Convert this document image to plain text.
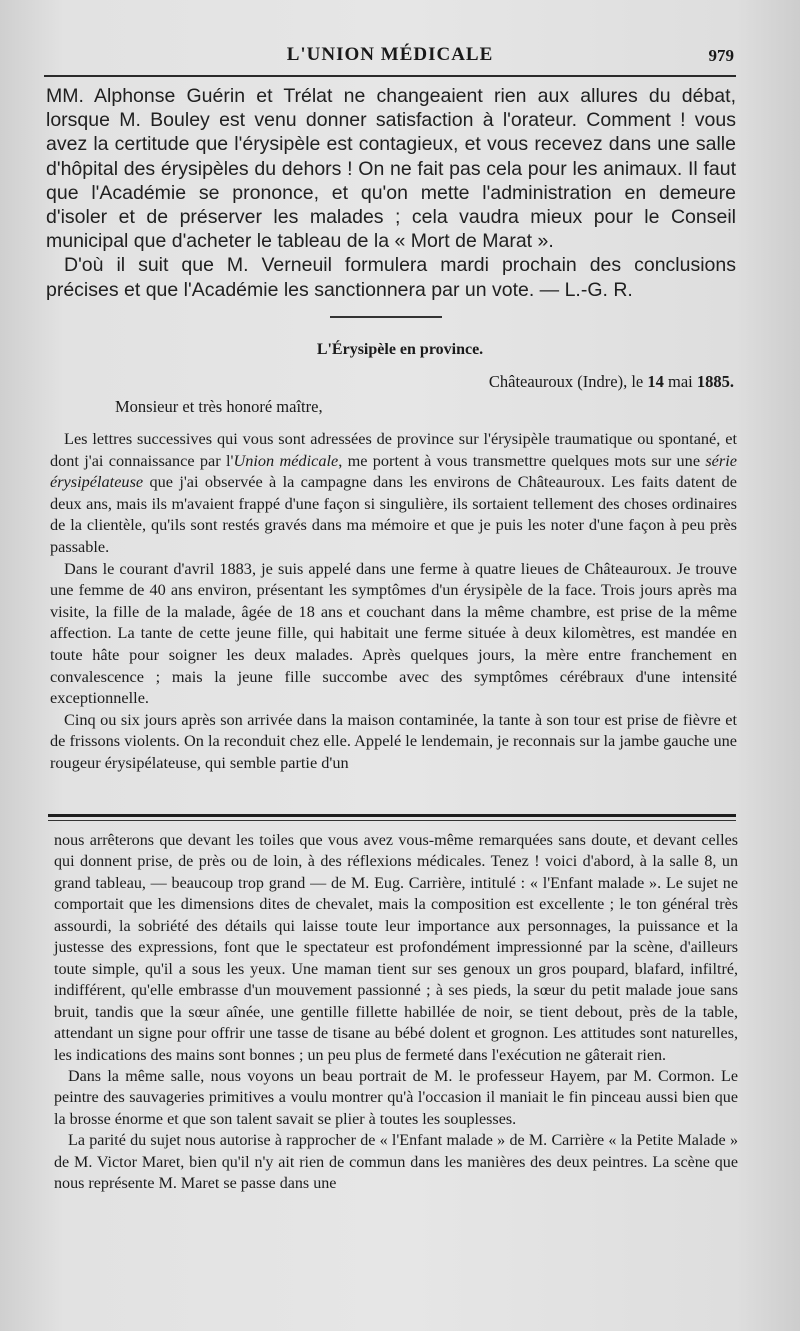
L'UNION MÉDICALE	979

MM. Alphonse Guérin et Trélat ne changeaient rien aux allures du débat, lorsque M. Bouley est venu donner satisfaction à l'orateur. Comment ! vous avez la certitude que l'érysipèle est contagieux, et vous recevez dans une salle d'hôpital des érysipèles du dehors ! On ne fait pas cela pour les animaux. Il faut que l'Académie se prononce, et qu'on mette l'administration en demeure d'isoler et de préserver les malades ; cela vaudra mieux pour le Conseil municipal que d'acheter le tableau de la « Mort de Marat ».

D'où il suit que M. Verneuil formulera mardi prochain des conclusions précises et que l'Académie les sanctionnera par un vote. — L.-G. R.

L'Érysipèle en province.
Châteauroux (Indre), le 14 mai 1885.
Monsieur et très honoré maître,

Les lettres successives qui vous sont adressées de province sur l'érysipèle traumatique ou spontané, et dont j'ai connaissance par l'Union médicale, me portent à vous transmettre quelques mots sur une série érysipélateuse que j'ai observée à la campagne dans les environs de Châteauroux. Les faits datent de deux ans, mais ils m'avaient frappé d'une façon si singulière, ils sortaient tellement des choses ordinaires de la clientèle, qu'ils sont restés gravés dans ma mémoire et que je puis les noter d'une façon à peu près passable.

Dans le courant d'avril 1883, je suis appelé dans une ferme à quatre lieues de Châteauroux. Je trouve une femme de 40 ans environ, présentant les symptômes d'un érysipèle de la face. Trois jours après ma visite, la fille de la malade, âgée de 18 ans et couchant dans la même chambre, est prise de la même affection. La tante de cette jeune fille, qui habitait une ferme située à deux kilomètres, est mandée en toute hâte pour soigner les deux malades. Après quelques jours, la mère entre franchement en convalescence ; mais la jeune fille succombe avec des symptômes cérébraux d'une intensité exceptionnelle.

Cinq ou six jours après son arrivée dans la maison contaminée, la tante à son tour est prise de fièvre et de frissons violents. On la reconduit chez elle. Appelé le lendemain, je reconnais sur la jambe gauche une rougeur érysipélateuse, qui semble partie d'un

nous arrêterons que devant les toiles que vous avez vous-même remarquées sans doute, et devant celles qui donnent prise, de près ou de loin, à des réflexions médicales. Tenez ! voici d'abord, à la salle 8, un grand tableau, — beaucoup trop grand — de M. Eug. Carrière, intitulé : « l'Enfant malade ». Le sujet ne comportait que les dimensions dites de chevalet, mais la composition est excellente ; le ton général très assourdi, la sobriété des détails qui laisse toute leur importance aux personnages, la puissance et la justesse des expressions, font que le spectateur est profondément impressionné par la scène, d'ailleurs toute simple, qu'il a sous les yeux. Une maman tient sur ses genoux un gros poupard, blafard, infiltré, indifférent, qu'elle embrasse d'un mouvement passionné ; à ses pieds, la sœur du petit malade joue sans bruit, tandis que la sœur aînée, une gentille fillette habillée de noir, se tient debout, près de la table, attendant un signe pour offrir une tasse de tisane au bébé dolent et grognon. Les attitudes sont naturelles, les indications des mains sont bonnes ; un peu plus de fermeté dans l'exécution ne gâterait rien.

Dans la même salle, nous voyons un beau portrait de M. le professeur Hayem, par M. Cormon. Le peintre des sauvageries primitives a voulu montrer qu'à l'occasion il maniait le fin pinceau aussi bien que la brosse énorme et que son talent savait se plier à toutes les souplesses.

La parité du sujet nous autorise à rapprocher de « l'Enfant malade » de M. Carrière « la Petite Malade » de M. Victor Maret, bien qu'il n'y ait rien de commun dans les manières des deux peintres. La scène que nous représente M. Maret se passe dans une
